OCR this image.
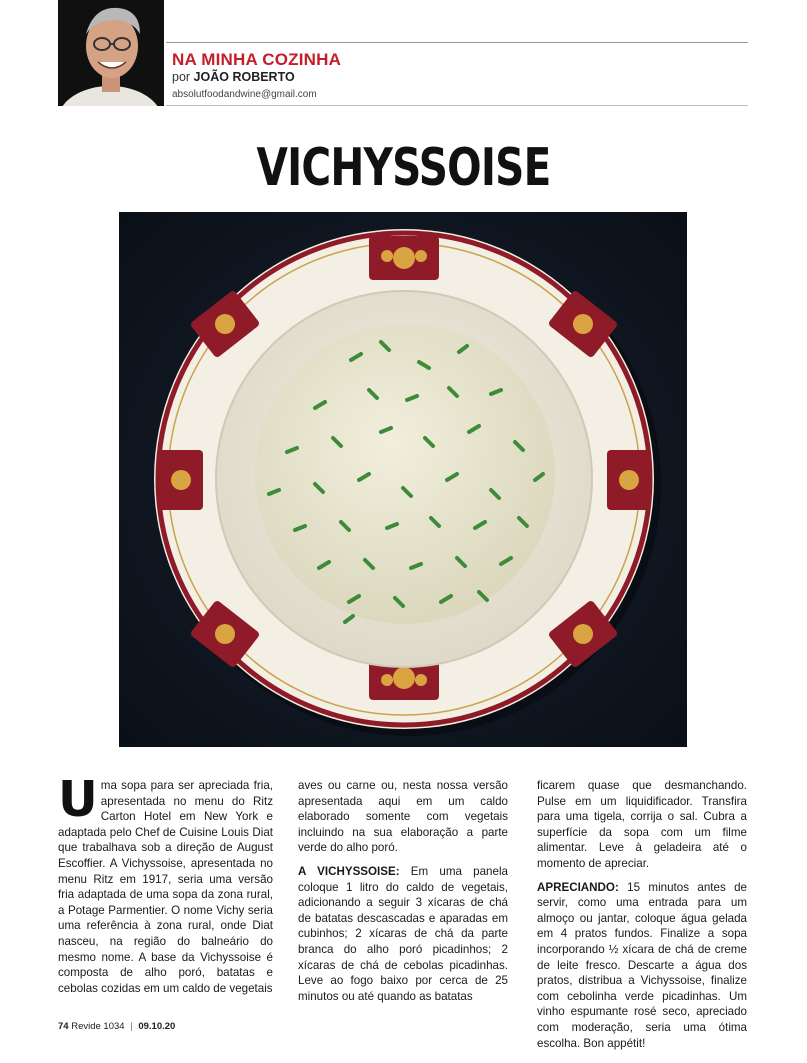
NA MINHA COZINHA
por JOÃO ROBERTO
absolutfoodandwine@gmail.com
VICHYSSOISE

Uma sopa para ser apreciada fria, apresentada no menu do Ritz Carton Hotel em New York e adaptada pelo Chef de Cuisine Louis Diat que trabalhava sob a direção de August Escoffier. A Vichyssoise, apresentada no menu Ritz em 1917, seria uma versão fria adaptada de uma sopa da zona rural, a Potage Parmentier. O nome Vichy seria uma referência à zona rural, onde Diat nasceu, na região do balneário do mesmo nome. A base da Vichyssoise é composta de alho poró, batatas e cebolas cozidas em um caldo de vegetais

aves ou carne ou, nesta nossa versão apresentada aqui em um caldo elaborado somente com vegetais incluindo na sua elaboração a parte verde do alho poró.

A VICHYSSOISE: Em uma panela coloque 1 litro do caldo de vegetais, adicionando a seguir 3 xícaras de chá de batatas descascadas e aparadas em cubinhos; 2 xícaras de chá da parte branca do alho poró picadinhos; 2 xícaras de chá de cebolas picadinhas. Leve ao fogo baixo por cerca de 25 minutos ou até quando as batatas

ficarem quase que desmanchando. Pulse em um liquidificador. Transfira para uma tigela, corrija o sal. Cubra a superfície da sopa com um filme alimentar. Leve à geladeira até o momento de apreciar.

APRECIANDO: 15 minutos antes de servir, como uma entrada para um almoço ou jantar, coloque água gelada em 4 pratos fundos. Finalize a sopa incorporando ½ xícara de chá de creme de leite fresco. Descarte a água dos pratos, distribua a Vichyssoise, finalize com cebolinha verde picadinhas. Um vinho espumante rosé seco, apreciado com moderação, seria uma ótima escolha. Bon appétit!

74 Revide 1034 | 09.10.20
